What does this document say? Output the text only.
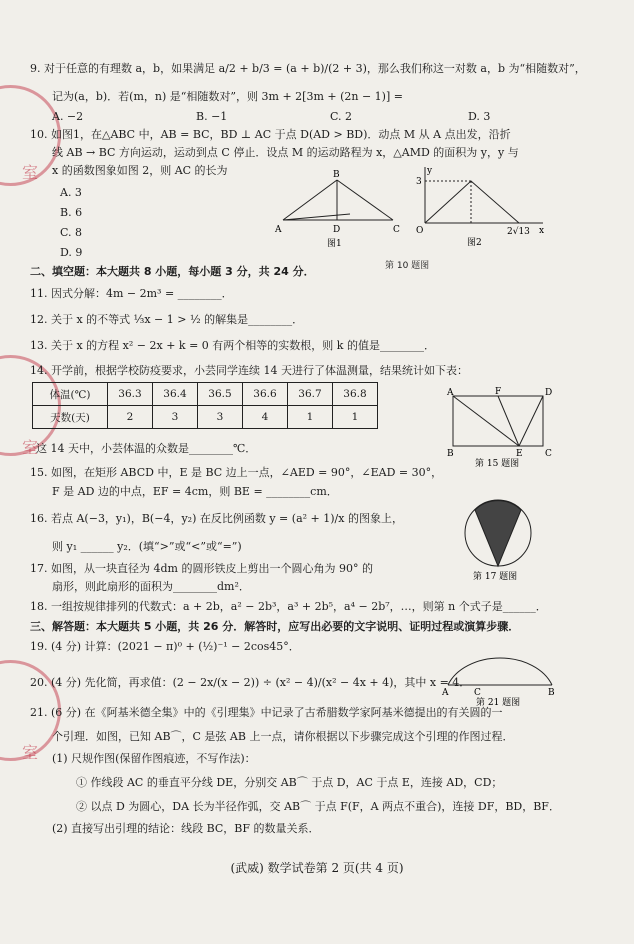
室
室
室
9. 对于任意的有理数 a，b，如果满足 a/2 + b/3 = (a + b)/(2 + 3)，那么我们称这一对数 a，b 为“相随数对”，
记为(a，b)．若(m，n) 是“相随数对”，则 3m + 2[3m + (2n − 1)] =
A. −2	B. −1	C. 2	D. 3
10. 如图1，在△ABC 中，AB = BC，BD ⊥ AC 于点 D(AD > BD)．动点 M 从 A 点出发，沿折
线 AB → BC 方向运动，运动到点 C 停止．设点 M 的运动路程为 x，△AMD 的面积为 y，y 与
x 的函数图象如图 2，则 AC 的长为
A. 3
B. 6
C. 8
D. 9
A
B
C
D
图1
y
x
O
3
2√13
图2
第 10 题图
二、填空题：本大题共 8 小题，每小题 3 分，共 24 分．
11. 因式分解：4m − 2m³ = ________．
12. 关于 x 的不等式 ⅓x − 1 > ½ 的解集是________．
13. 关于 x 的方程 x² − 2x + k = 0 有两个相等的实数根，则 k 的值是________．
14. 开学前，根据学校防疫要求，小芸同学连续 14 天进行了体温测量，结果统计如下表：
体温(℃)	36.3	36.4	36.5	36.6	36.7	36.8
天数(天)	2	3	3	4	1	1
A	F	D
B	E C
第 15 题图
这 14 天中，小芸体温的众数是________℃．
15. 如图，在矩形 ABCD 中，E 是 BC 边上一点，∠AED = 90°，∠EAD = 30°，
F 是 AD 边的中点，EF = 4cm，则 BE = ________cm．
16. 若点 A(−3，y₁)，B(−4，y₂) 在反比例函数 y = (a² + 1)/x 的图象上，
则 y₁ ______ y₂．(填“>”或“<”或“=”)
第 17 题图
17. 如图，从一块直径为 4dm 的圆形铁皮上剪出一个圆心角为 90° 的
扇形，则此扇形的面积为________dm²．
18. 一组按规律排列的代数式：a + 2b，a² − 2b³，a³ + 2b⁵，a⁴ − 2b⁷，…，则第 n 个式子是______．
三、解答题：本大题共 5 小题，共 26 分．解答时，应写出必要的文字说明、证明过程或演算步骤．
19. (4 分) 计算：(2021 − π)⁰ + (½)⁻¹ − 2cos45°．
20. (4 分) 先化简，再求值：(2 − 2x/(x − 2)) ÷ (x² − 4)/(x² − 4x + 4)，其中 x = 4．
A	C	B
第 21 题图
21. (6 分) 在《阿基米德全集》中的《引理集》中记录了古希腊数学家阿基米德提出的有关圆的一
个引理．如图，已知 AB⌒，C 是弦 AB 上一点，请你根据以下步骤完成这个引理的作图过程．
(1) 尺规作图(保留作图痕迹，不写作法)：
① 作线段 AC 的垂直平分线 DE，分别交 AB⌒ 于点 D，AC 于点 E，连接 AD，CD；
② 以点 D 为圆心，DA 长为半径作弧，交 AB⌒ 于点 F(F，A 两点不重合)，连接 DF，BD，BF．
(2) 直接写出引理的结论：线段 BC，BF 的数量关系．
(武威) 数学试卷第 2 页(共 4 页)
